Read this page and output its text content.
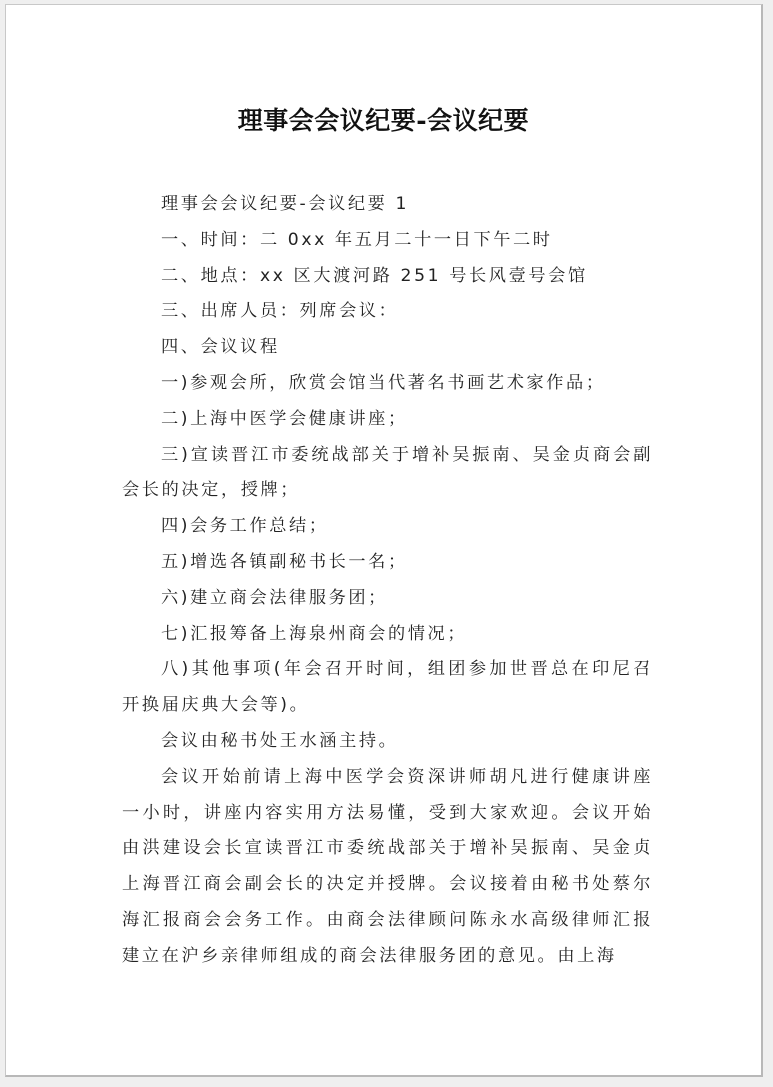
理事会会议纪要-会议纪要

理事会会议纪要-会议纪要 1

一、时间：二 0xx 年五月二十一日下午二时

二、地点：xx 区大渡河路 251 号长风壹号会馆

三、出席人员：列席会议：

四、会议议程

一)参观会所，欣赏会馆当代著名书画艺术家作品；

二)上海中医学会健康讲座；

三)宣读晋江市委统战部关于增补吴振南、吴金贞商会副会长的决定，授牌；

四)会务工作总结；

五)增选各镇副秘书长一名；

六)建立商会法律服务团；

七)汇报筹备上海泉州商会的情况；

八)其他事项(年会召开时间，组团参加世晋总在印尼召开换届庆典大会等)。

会议由秘书处王水涵主持。

会议开始前请上海中医学会资深讲师胡凡进行健康讲座一小时，讲座内容实用方法易懂，受到大家欢迎。会议开始由洪建设会长宣读晋江市委统战部关于增补吴振南、吴金贞上海晋江商会副会长的决定并授牌。会议接着由秘书处蔡尔海汇报商会会务工作。由商会法律顾问陈永水高级律师汇报建立在沪乡亲律师组成的商会法律服务团的意见。由上海
